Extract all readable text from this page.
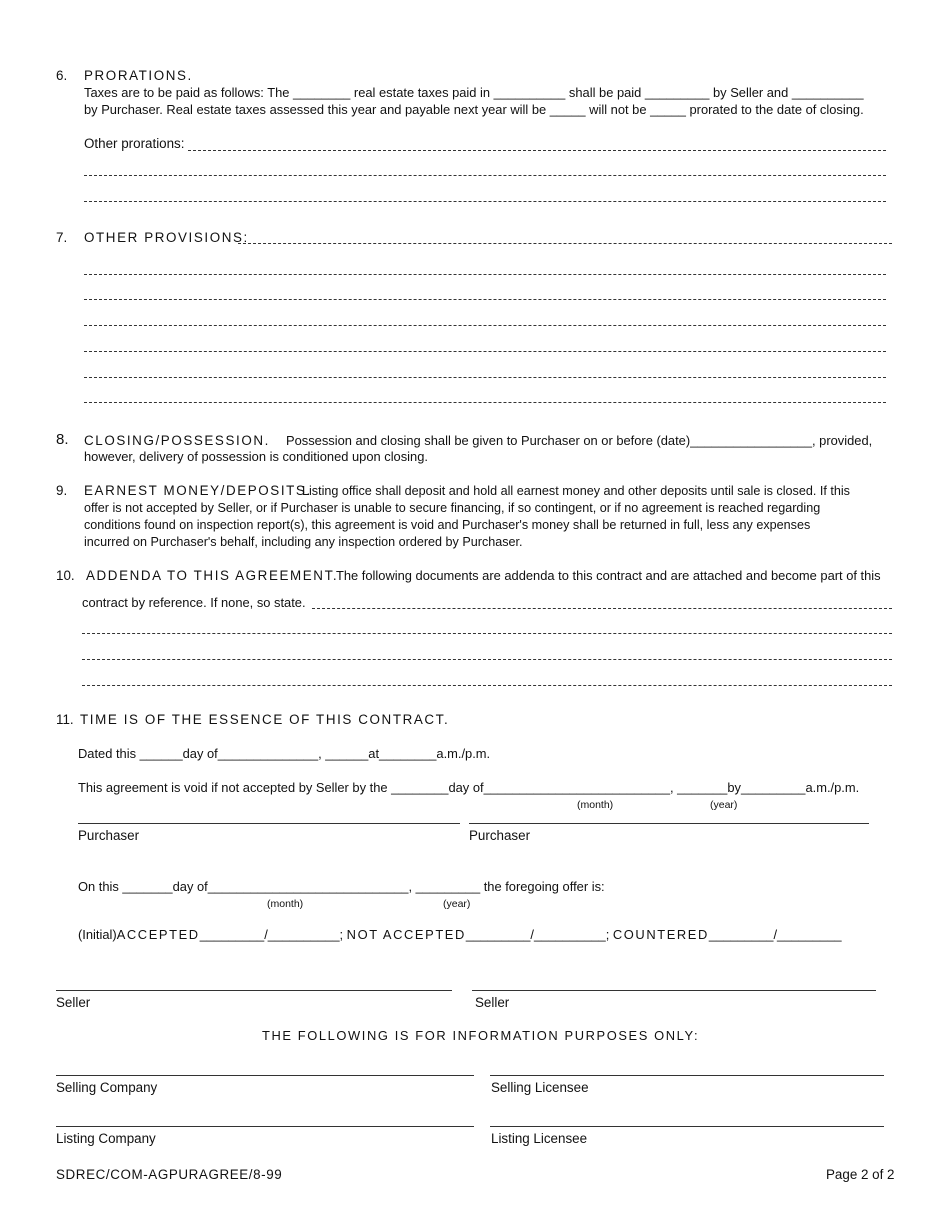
6. PRORATIONS.
Taxes are to be paid as follows: The ________ real estate taxes paid in __________ shall be paid _________ by Seller and __________
by Purchaser. Real estate taxes assessed this year and payable next year will be _____ will not be _____ prorated to the date of closing.
Other prorations:
7. OTHER PROVISIONS:
8. CLOSING/POSSESSION. Possession and closing shall be given to Purchaser on or before (date)_________________, provided,
however, delivery of possession is conditioned upon closing.
9. EARNEST MONEY/DEPOSITS.
Listing office shall deposit and hold all earnest money and other deposits until sale is closed. If this
offer is not accepted by Seller, or if Purchaser is unable to secure financing, if so contingent, or if no agreement is reached regarding
conditions found on inspection report(s), this agreement is void and Purchaser's money shall be returned in full, less any expenses
incurred on Purchaser's behalf, including any inspection ordered by Purchaser.
10. ADDENDA TO THIS AGREEMENT.
The following documents are addenda to this contract and are attached and become part of this
contract by reference. If none, so state.
11. TIME IS OF THE ESSENCE OF THIS CONTRACT.
Dated this ______day of______________, ______at________a.m./p.m.
This agreement is void if not accepted by Seller by the ________day of__________________________, _______by_________a.m./p.m.
(month)	(year)
Purchaser	Purchaser
On this _______day of____________________________, _________ the foregoing offer is:
(month)	(year)
(Initial)ACCEPTED_________/__________; NOT ACCEPTED_________/__________; COUNTERED_________/_________
Seller	Seller
THE FOLLOWING IS FOR INFORMATION PURPOSES ONLY:
Selling Company	Selling Licensee
Listing Company	Listing Licensee
SDREC/COM-AGPURAGREE/8-99	Page 2 of 2
